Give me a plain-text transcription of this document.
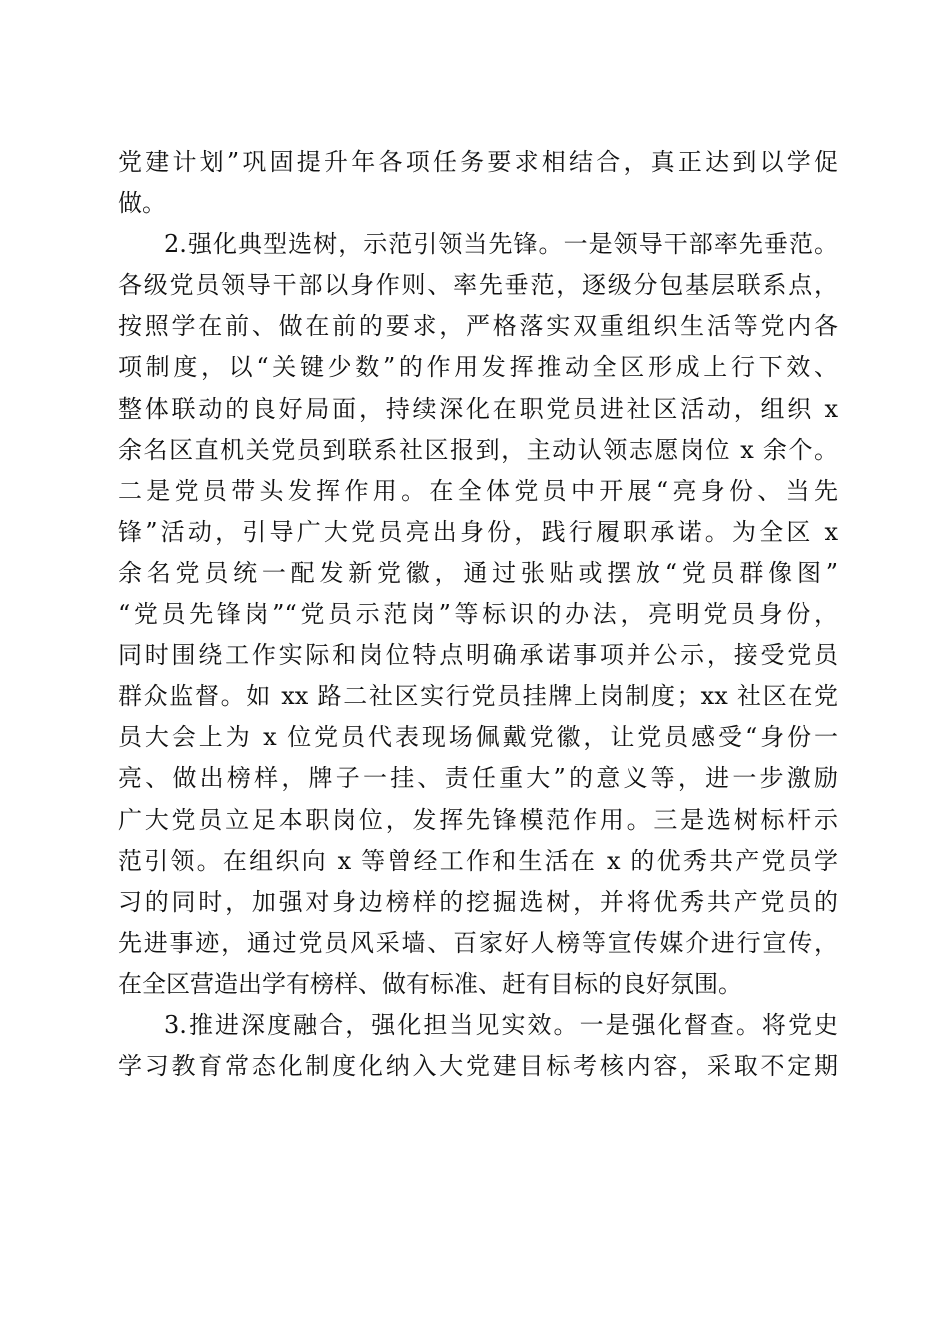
党建计划”巩固提升年各项任务要求相结合，真正达到以学促
做。
2.强化典型选树，示范引领当先锋。一是领导干部率先垂范。
各级党员领导干部以身作则、率先垂范，逐级分包基层联系点，
按照学在前、做在前的要求，严格落实双重组织生活等党内各
项制度，以“关键少数”的作用发挥推动全区形成上行下效、
整体联动的良好局面，持续深化在职党员进社区活动，组织 x
余名区直机关党员到联系社区报到，主动认领志愿岗位 x 余个。
二是党员带头发挥作用。在全体党员中开展“亮身份、当先
锋”活动，引导广大党员亮出身份，践行履职承诺。为全区 x
余名党员统一配发新党徽，通过张贴或摆放“党员群像图”
“党员先锋岗”“党员示范岗”等标识的办法，亮明党员身份，
同时围绕工作实际和岗位特点明确承诺事项并公示，接受党员
群众监督。如 xx 路二社区实行党员挂牌上岗制度；xx 社区在党
员大会上为 x 位党员代表现场佩戴党徽，让党员感受“身份一
亮、做出榜样，牌子一挂、责任重大”的意义等，进一步激励
广大党员立足本职岗位，发挥先锋模范作用。三是选树标杆示
范引领。在组织向 x 等曾经工作和生活在 x 的优秀共产党员学
习的同时，加强对身边榜样的挖掘选树，并将优秀共产党员的
先进事迹，通过党员风采墙、百家好人榜等宣传媒介进行宣传，
在全区营造出学有榜样、做有标准、赶有目标的良好氛围。
3.推进深度融合，强化担当见实效。一是强化督查。将党史
学习教育常态化制度化纳入大党建目标考核内容，采取不定期
